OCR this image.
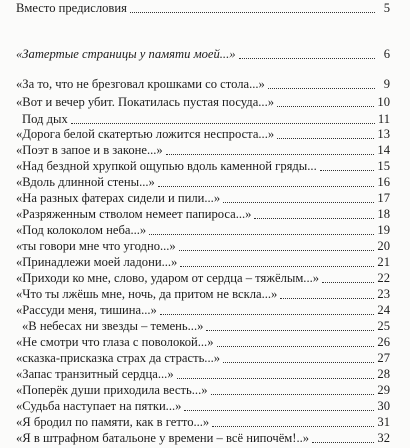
Вместо предисловия	5
«Затертые страницы у памяти моей...»	6
«За то, что не брезговал крошками со стола...»	9
«Вот и вечер убит. Покатилась пустая посуда...»	10
Под дых	11
«Дорога белой скатертью ложится неспроста...»	13
«Поэт в запое и в законе...»	14
«Над бездной хрупкой ощупью вдоль каменной гряды...	15
«Вдоль длинной стены...»	16
«На разных фатерах сидели и пили...»	17
«Разряженным стволом немеет папироса...»	18
«Под колоколом неба...»	19
«ты говори мне что угодно...»	20
«Принадлежи моей ладони...»	21
«Приходи ко мне, слово, ударом от сердца – тяжёлым...»	22
«Что ты лжёшь мне, ночь, да притом не вскла...»	23
«Рассуди меня, тишина...»	24
«В небесах ни звезды – темень...»	25
«Не смотри что глаза с поволокой...»	26
«сказка-присказка страх да страсть...»	27
«Запас транзитный сердца...»	28
«Поперёк души приходила весть...»	29
«Судьба наступает на пятки...»	30
«Я бродил по памяти, как в гетто...»	31
«Я в штрафном батальоне у времени – всё нипочём!..»	32
